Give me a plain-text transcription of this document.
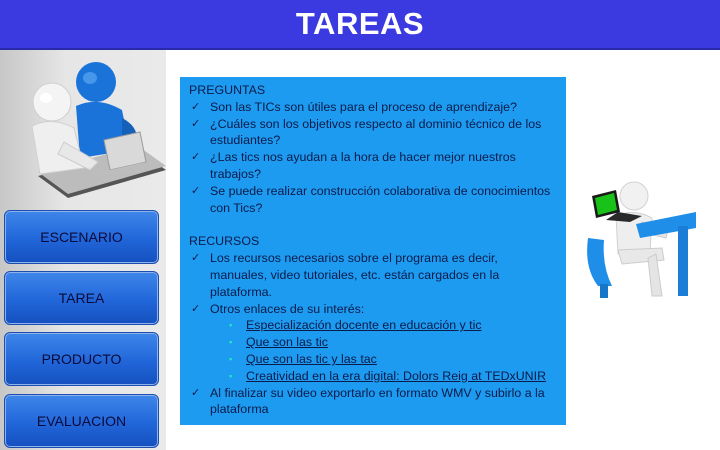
TAREAS
ESCENARIO
TAREA
PRODUCTO
EVALUACION
PREGUNTAS
✓ Son las TICs son útiles para el proceso de aprendizaje?
✓ ¿Cuáles son los objetivos respecto al dominio técnico de los estudiantes?
✓ ¿Las tics nos ayudan a la hora de hacer mejor nuestros trabajos?
✓ Se puede realizar construcción colaborativa de conocimientos con Tics?
RECURSOS
✓ Los recursos necesarios sobre el programa es decir, manuales, video tutoriales, etc. están cargados en la plataforma.
✓ Otros enlaces de su interés:
▪ Especialización docente en educación y tic
▪ Que son las tic
▪ Que son las tic y las tac
▪ Creatividad en la era digital: Dolors Reig at TEDxUNIR
✓ Al finalizar su video exportarlo en formato WMV y subirlo a la plataforma
